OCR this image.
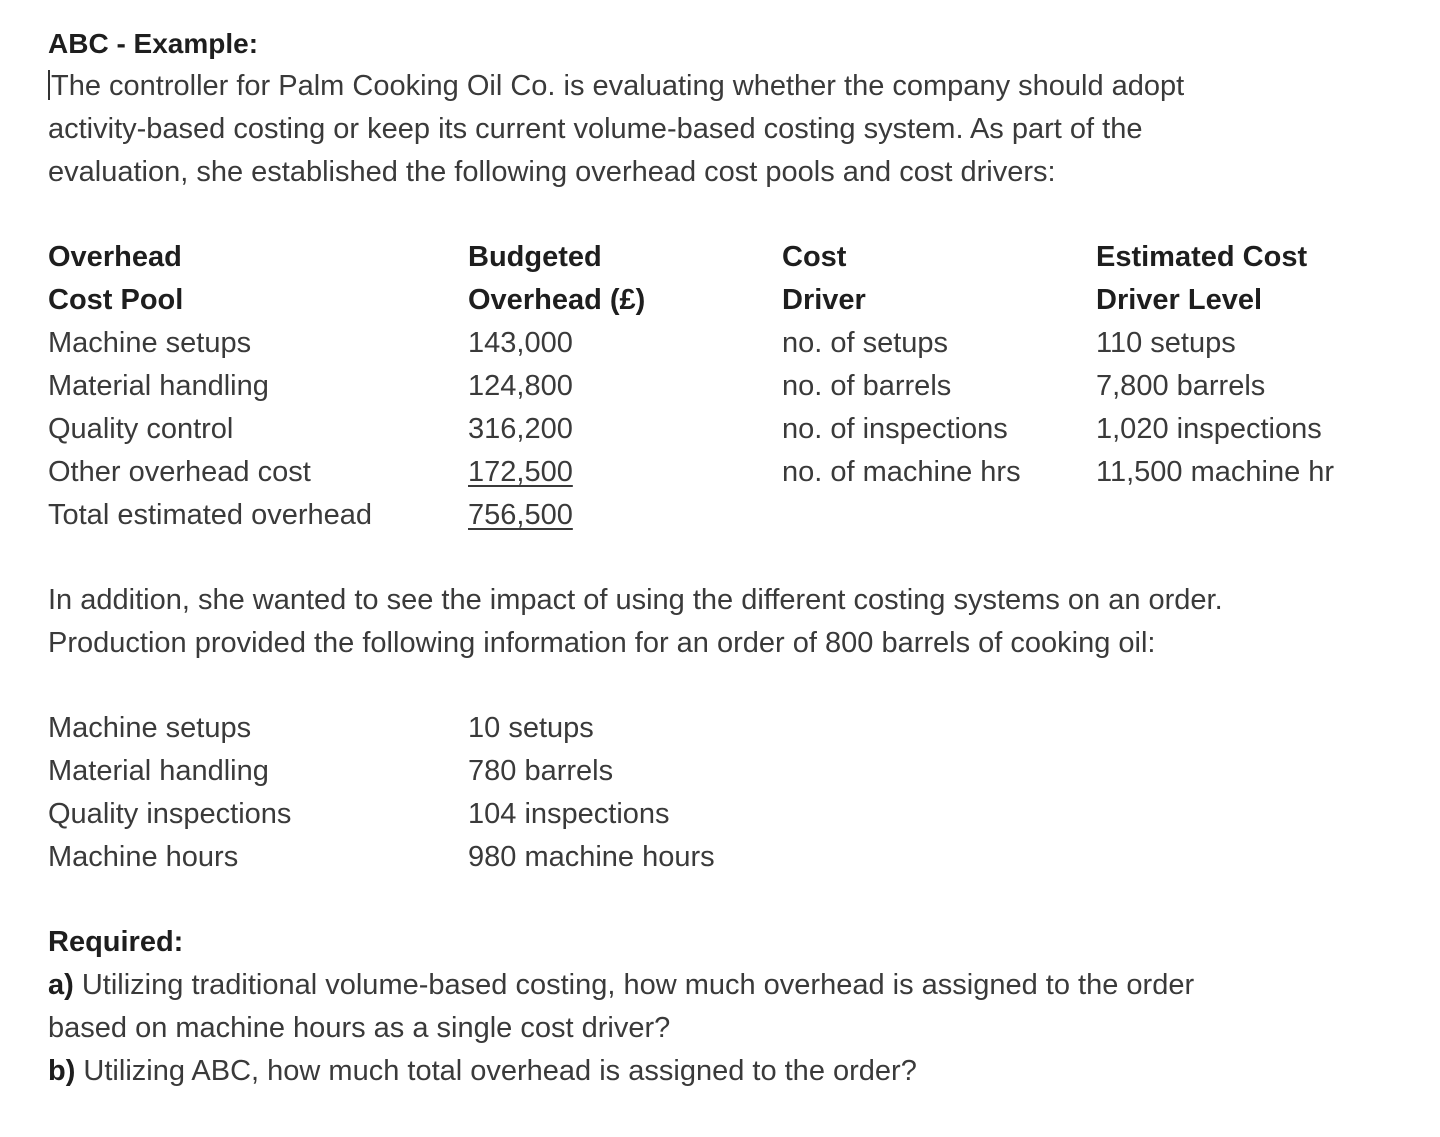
ABC - Example:
The controller for Palm Cooking Oil Co. is evaluating whether the company should adopt
activity-based costing or keep its current volume-based costing system. As part of the
evaluation, she established the following overhead cost pools and cost drivers:
Overhead	Budgeted	Cost	Estimated Cost
Cost Pool	Overhead (£)	Driver	Driver Level
Machine setups	143,000	no. of setups	110 setups
Material handling	124,800	no. of barrels	7,800 barrels
Quality control	316,200	no. of inspections	1,020 inspections
Other overhead cost	172,500	no. of machine hrs	11,500 machine hr
Total estimated overhead	756,500
In addition, she wanted to see the impact of using the different costing systems on an order.
Production provided the following information for an order of 800 barrels of cooking oil:
Machine setups	10 setups
Material handling	780 barrels
Quality inspections	104 inspections
Machine hours	980 machine hours
Required:
a) Utilizing traditional volume-based costing, how much overhead is assigned to the order
based on machine hours as a single cost driver?
b) Utilizing ABC, how much total overhead is assigned to the order?
